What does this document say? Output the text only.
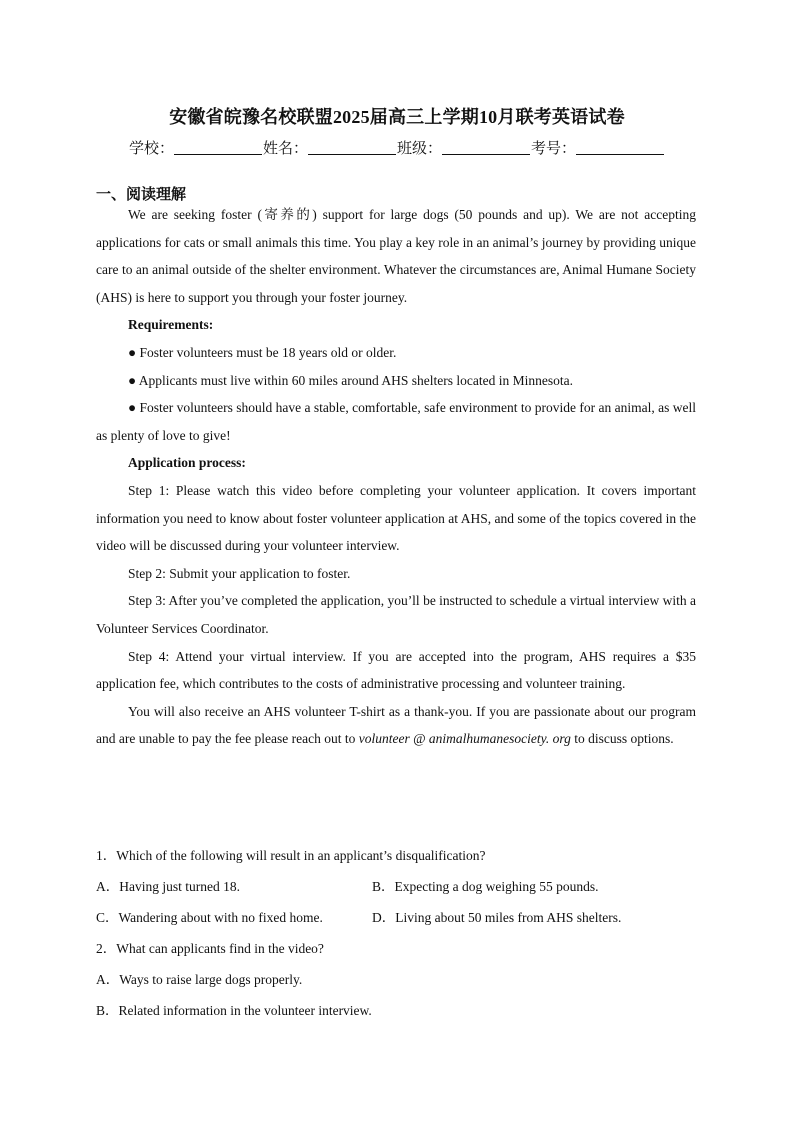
安徽省皖豫名校联盟2025届高三上学期10月联考英语试卷
学校：	姓名：	班级：	考号：
一、阅读理解

We are seeking foster (寄养的) support for large dogs (50 pounds and up). We are not accepting applications for cats or small animals this time. You play a key role in an animal’s journey by providing unique care to an animal outside of the shelter environment. Whatever the circumstances are, Animal Humane Society (AHS) is here to support you through your foster journey.

Requirements:

● Foster volunteers must be 18 years old or older.

● Applicants must live within 60 miles around AHS shelters located in Minnesota.

● Foster volunteers should have a stable, comfortable, safe environment to provide for an animal, as well as plenty of love to give!

Application process:

Step 1: Please watch this video before completing your volunteer application. It covers important information you need to know about foster volunteer application at AHS, and some of the topics covered in the video will be discussed during your volunteer interview.

Step 2: Submit your application to foster.

Step 3: After you’ve completed the application, you’ll be instructed to schedule a virtual interview with a Volunteer Services Coordinator.

Step 4: Attend your virtual interview. If you are accepted into the program, AHS requires a $35 application fee, which contributes to the costs of administrative processing and volunteer training.

You will also receive an AHS volunteer T-shirt as a thank-you. If you are passionate about our program and are unable to pay the fee please reach out to volunteer @ animalhumanesociety. org to discuss options.

1．Which of the following will result in an applicant’s disqualification?
A．Having just turned 18.	B．Expecting a dog weighing 55 pounds.
C．Wandering about with no fixed home.	D．Living about 50 miles from AHS shelters.
2．What can applicants find in the video?
A．Ways to raise large dogs properly.
B．Related information in the volunteer interview.
